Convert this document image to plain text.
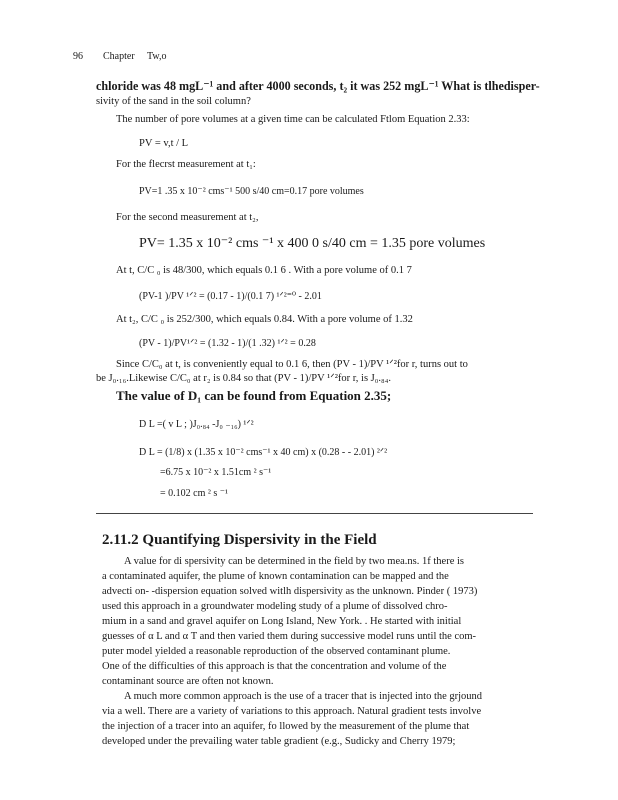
96 Chapter Tw,o
chloride was 48 mgL⁻¹ and after 4000 seconds, t₂ it was 252 mgL⁻¹ What is tlhedisper-
sivity of the sand in the soil column?
The number of pore volumes at a given time can be calculated Ftlom Equation 2.33:
PV = v,t / L
For the flecrst measurement at t₁:
PV=1 .35 x 10⁻² cms⁻¹ 500 s/40 cm=0.17 pore volumes
For the second measurement at t₂,
PV= 1.35 x 10⁻² cms ⁻¹ x 400 0 s/40 cm = 1.35 pore volumes
At t, C/C ₀ is 48/300, which equals 0.1 6 . With a pore volume of 0.1 7
(PV-1 )/PV ¹ᐟ² = (0.17 - 1)/(0.1 7) ¹ᐟ²⁼⁰ - 2.01
At t₂, C/C ₀ is 252/300, which equals 0.84. With a pore volume of 1.32
(PV - 1)/PV¹ᐟ² = (1.32 - 1)/(1 .32) ¹ᐟ² = 0.28
Since C/C₀ at t, is conveniently equal to 0.1 6, then (PV - 1)/PV ¹ᐟ²for r, turns out to
be J₀.₁₆.Likewise C/C₀ at r₂ is 0.84 so that (PV - 1)/PV ¹ᐟ²for r, is J₀.₈₄.
The value of D₁ can be found from Equation 2.35;
D L =( v L ; )J₀.₈₄ -J₀ ₋₁₆) ¹ᐟ²
D L = (1/8) x (1.35 x 10⁻² cms⁻¹ x 40 cm) x (0.28 - - 2.01) ²ᐟ²
=6.75 x 10⁻² x 1.51cm ² s⁻¹
= 0.102 cm ² s ⁻¹
2.11.2 Quantifying Dispersivity in the Field
A value for di spersivity can be determined in the field by two mea.ns. 1f there is
a contaminated aquifer, the plume of known contamination can be mapped and the
advecti on- -dispersion equation solved witlh dispersivity as the unknown. Pinder ( 1973)
used this approach in a groundwater modeling study of a plume of dissolved chro-
mium in a sand and gravel aquifer on Long Island, New York. . He started with initial
guesses of α L and α T and then varied them during successive model runs until the com-
puter model yielded a reasonable reproduction of the observed contaminant plume.
One of the difficulties of this approach is that the concentration and volume of the
contaminant source are often not known.
A much more common approach is the use of a tracer that is injected into the grjound
via a well. There are a variety of variations to this approach. Natural gradient tests involve
the injection of a tracer into an aquifer, fo llowed by the measurement of the plume that
developed under the prevailing water table gradient (e.g., Sudicky and Cherry 1979;
